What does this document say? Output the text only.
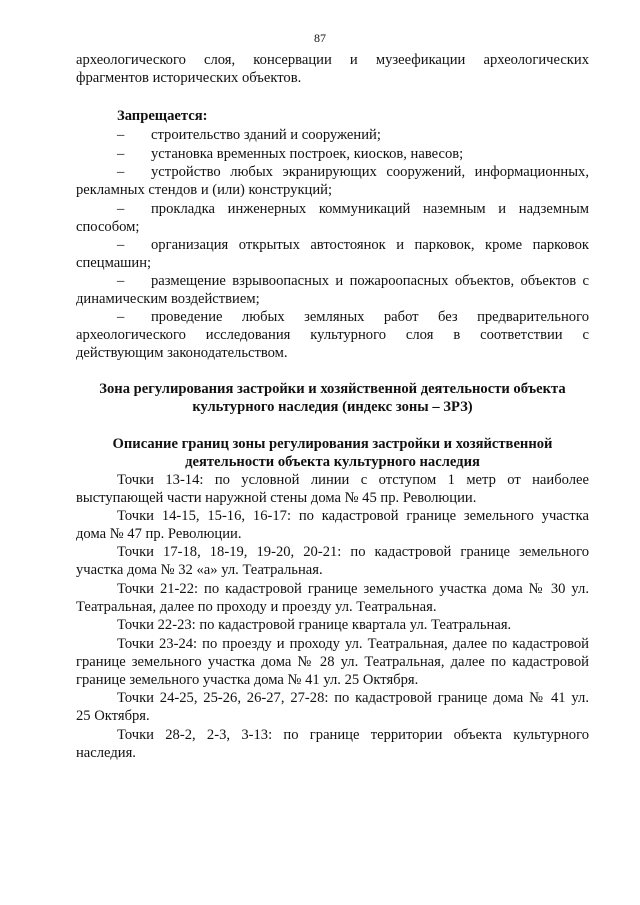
87
археологического слоя, консервации и музеефикации археологических
фрагментов исторических объектов.
Запрещается:
– строительство зданий и сооружений;
– установка временных построек, киосков, навесов;
– устройство любых экранирующих сооружений, информационных,
рекламных стендов и (или) конструкций;
– прокладка инженерных коммуникаций наземным и надземным
способом;
– организация открытых автостоянок и парковок, кроме парковок
спецмашин;
– размещение взрывоопасных и пожароопасных объектов, объектов с
динамическим воздействием;
– проведение любых земляных работ без предварительного
археологического исследования культурного слоя в соответствии с
действующим законодательством.
Зона регулирования застройки и хозяйственной деятельности объекта
культурного наследия (индекс зоны – ЗРЗ)
Описание границ зоны регулирования застройки и хозяйственной
деятельности объекта культурного наследия
Точки 13-14: по условной линии с отступом 1 метр от наиболее
выступающей части наружной стены дома № 45 пр. Революции.
Точки 14-15, 15-16, 16-17: по кадастровой границе земельного участка
дома № 47 пр. Революции.
Точки 17-18, 18-19, 19-20, 20-21: по кадастровой границе земельного
участка дома № 32 «а» ул. Театральная.
Точки 21-22: по кадастровой границе земельного участка дома № 30 ул.
Театральная, далее по проходу и проезду ул. Театральная.
Точки 22-23: по кадастровой границе квартала ул. Театральная.
Точки 23-24: по проезду и проходу ул. Театральная, далее по кадастровой
границе земельного участка дома № 28 ул. Театральная, далее по кадастровой
границе земельного участка дома № 41 ул. 25 Октября.
Точки 24-25, 25-26, 26-27, 27-28: по кадастровой границе дома № 41 ул.
25 Октября.
Точки 28-2, 2-3, 3-13: по границе территории объекта культурного
наследия.
